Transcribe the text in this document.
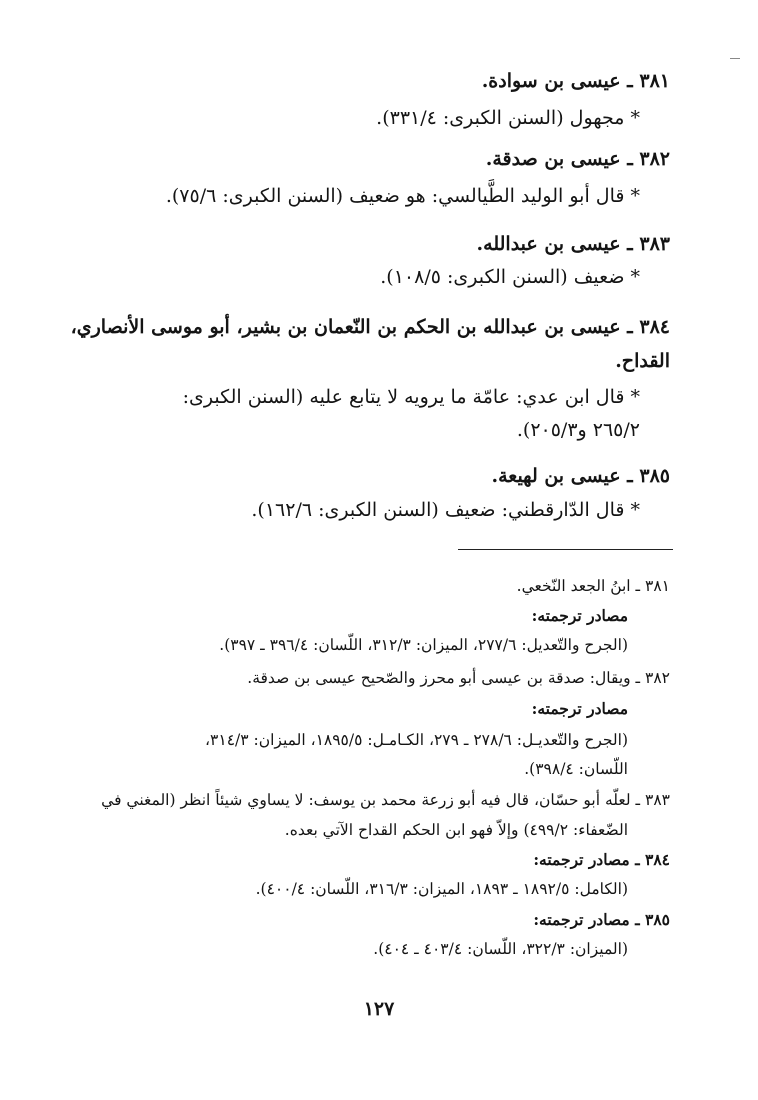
٣٨١ ـ عيسى بن سوادة.
* مجهول (السنن الكبرى: ٣٣١/٤).
٣٨٢ ـ عيسى بن صدقة.
* قال أبو الوليد الطَّيالسي: هو ضعيف (السنن الكبرى: ٧٥/٦).
٣٨٣ ـ عيسى بن عبدالله.
* ضعيف (السنن الكبرى: ١٠٨/٥).
٣٨٤ ـ عيسى بن عبدالله بن الحكم بن النّعمان بن بشير، أبو موسى الأنصاري،
القداح.
* قال ابن عدي: عامّة ما يرويه لا يتابع عليه (السنن الكبرى:
٢٦٥/٢ و٢٠٥/٣).
٣٨٥ ـ عيسى بن لهيعة.
* قال الدّارقطني: ضعيف (السنن الكبرى: ١٦٢/٦).
٣٨١ ـ ابنُ الجعد النّخعي.
مصادر ترجمته:
(الجرح والتّعديل: ٢٧٧/٦، الميزان: ٣١٢/٣، اللّسان: ٣٩٦/٤ ـ ٣٩٧).
٣٨٢ ـ ويقال: صدقة بن عيسى أبو محرز والصّحيح عيسى بن صدقة.
مصادر ترجمته:
(الجرح والتّعديـل: ٢٧٨/٦ ـ ٢٧٩، الكـامـل: ١٨٩٥/٥، الميزان: ٣١٤/٣،
اللّسان: ٣٩٨/٤).
٣٨٣ ـ لعلّه أبو حسّان، قال فيه أبو زرعة محمد بن يوسف: لا يساوي شيئاً انظر (المغني في
الضّعفاء: ٤٩٩/٢) وإلاّ فهو ابن الحكم القداح الآتي بعده.
٣٨٤ ـ مصادر ترجمته:
(الكامل: ١٨٩٢/٥ ـ ١٨٩٣، الميزان: ٣١٦/٣، اللّسان: ٤٠٠/٤).
٣٨٥ ـ مصادر ترجمته:
(الميزان: ٣٢٢/٣، اللّسان: ٤٠٣/٤ ـ ٤٠٤).
١٢٧
